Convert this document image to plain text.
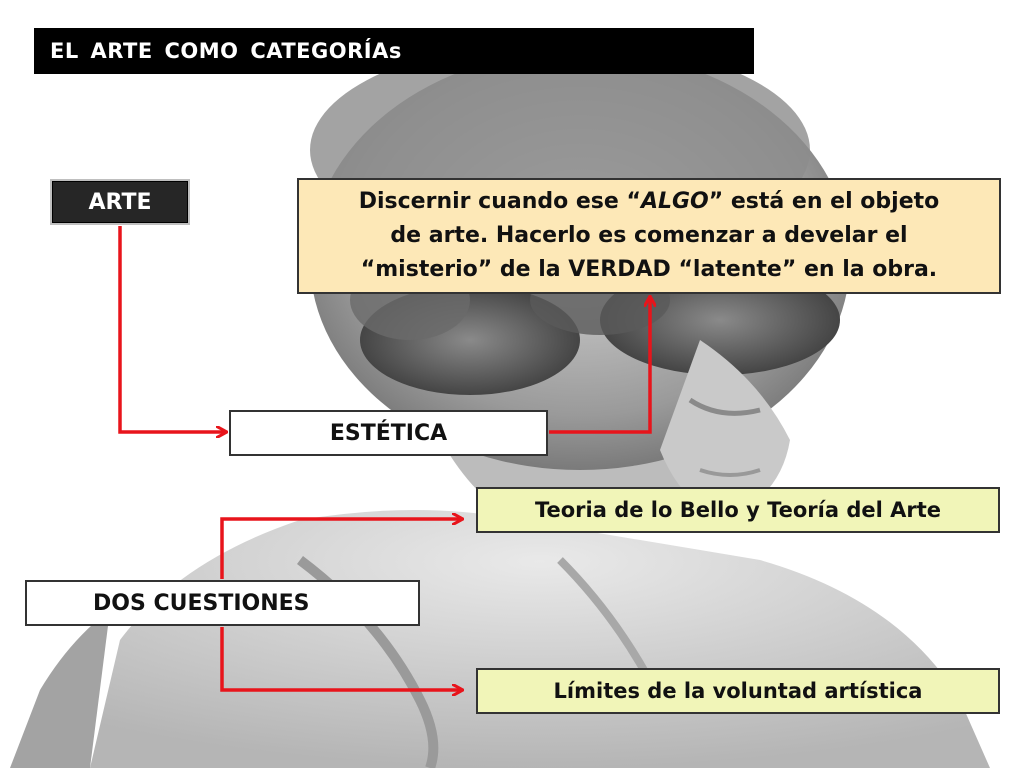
EL ARTE COMO CATEGORÍAs
ARTE	Discernir cuando ese “ALGO” está en el objeto
de arte. Hacerlo es comenzar a develar el
“misterio” de la VERDAD “latente” en la obra.
ESTÉTICA
Teoria de lo Bello y Teoría del Arte
DOS CUESTIONES
Límites de la voluntad artística
